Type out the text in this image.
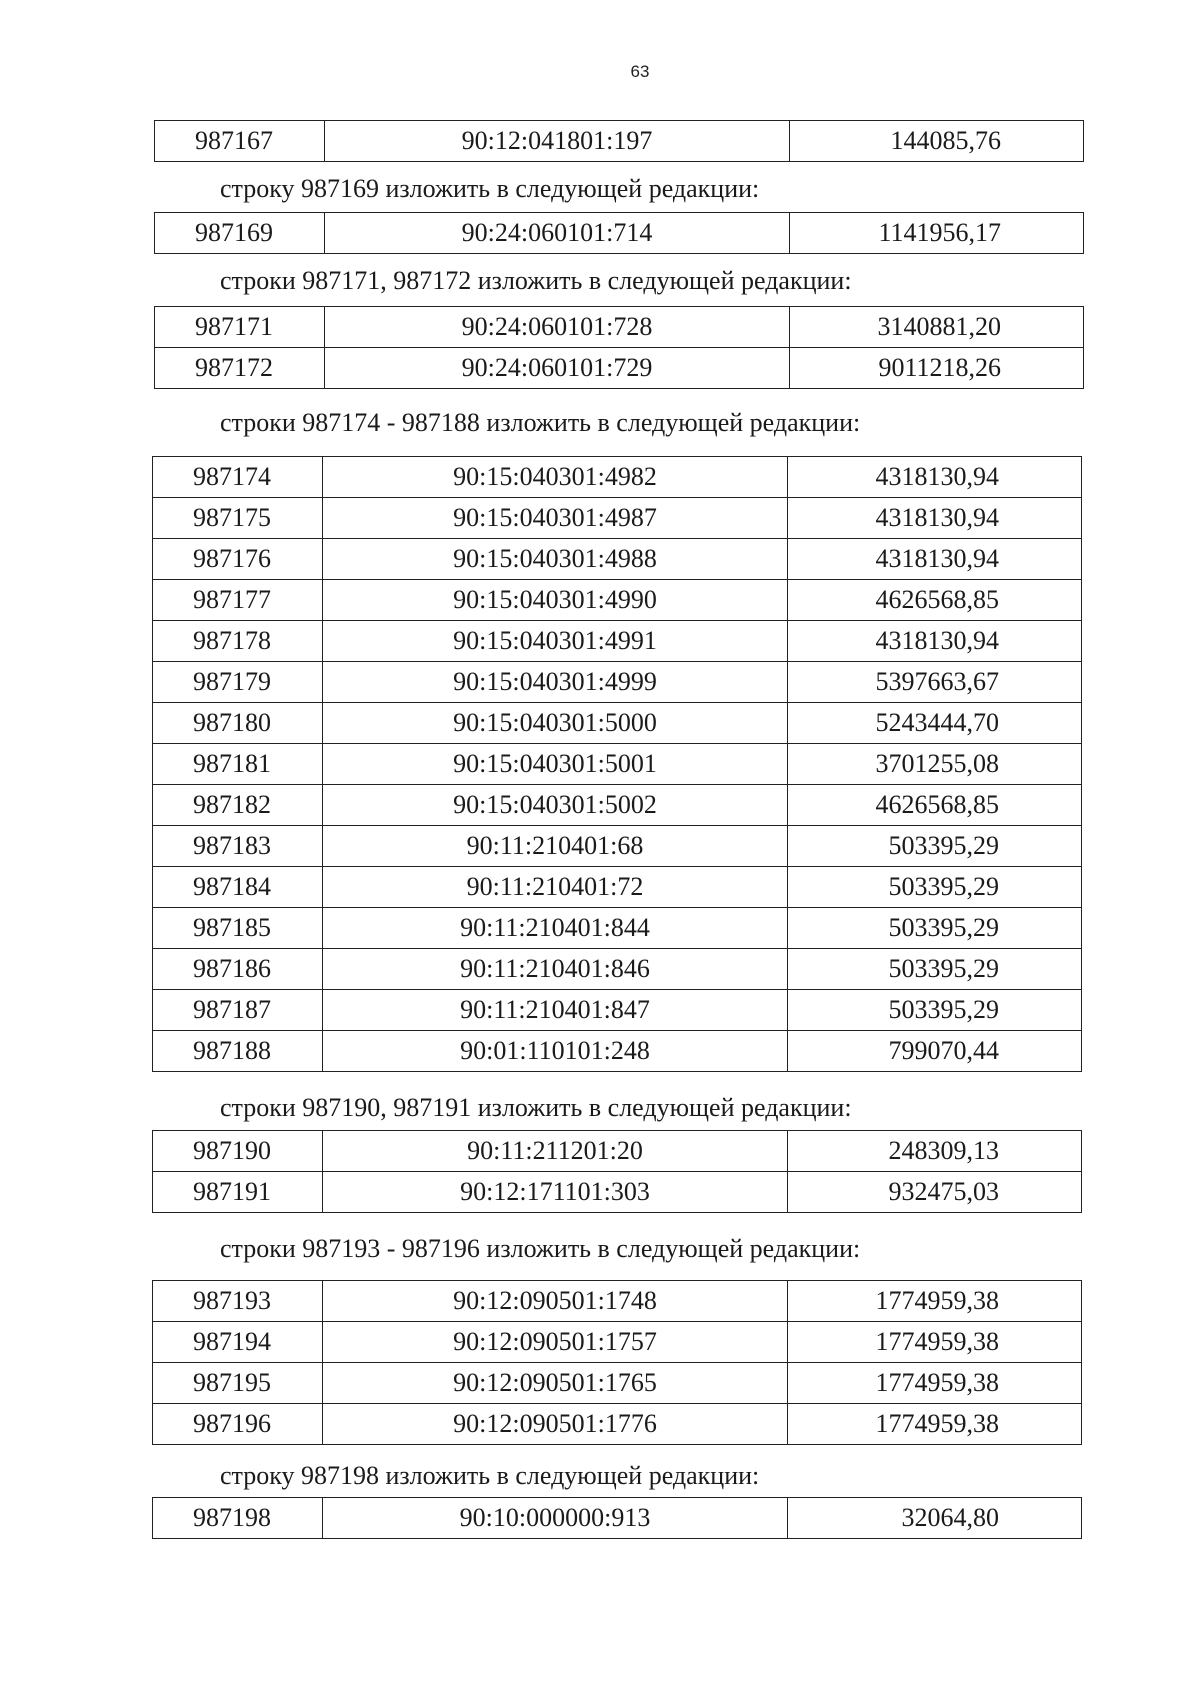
63
987167	90:12:041801:197	144085,76
строку 987169 изложить в следующей редакции:
987169	90:24:060101:714	1141956,17
строки 987171, 987172 изложить в следующей редакции:
987171	90:24:060101:728	3140881,20
987172	90:24:060101:729	9011218,26
строки 987174 - 987188 изложить в следующей редакции:
987174	90:15:040301:4982	4318130,94
987175	90:15:040301:4987	4318130,94
987176	90:15:040301:4988	4318130,94
987177	90:15:040301:4990	4626568,85
987178	90:15:040301:4991	4318130,94
987179	90:15:040301:4999	5397663,67
987180	90:15:040301:5000	5243444,70
987181	90:15:040301:5001	3701255,08
987182	90:15:040301:5002	4626568,85
987183	90:11:210401:68	503395,29
987184	90:11:210401:72	503395,29
987185	90:11:210401:844	503395,29
987186	90:11:210401:846	503395,29
987187	90:11:210401:847	503395,29
987188	90:01:110101:248	799070,44
строки 987190, 987191 изложить в следующей редакции:
987190	90:11:211201:20	248309,13
987191	90:12:171101:303	932475,03
строки 987193 - 987196 изложить в следующей редакции:
987193	90:12:090501:1748	1774959,38
987194	90:12:090501:1757	1774959,38
987195	90:12:090501:1765	1774959,38
987196	90:12:090501:1776	1774959,38
строку 987198 изложить в следующей редакции:
987198	90:10:000000:913	32064,80
